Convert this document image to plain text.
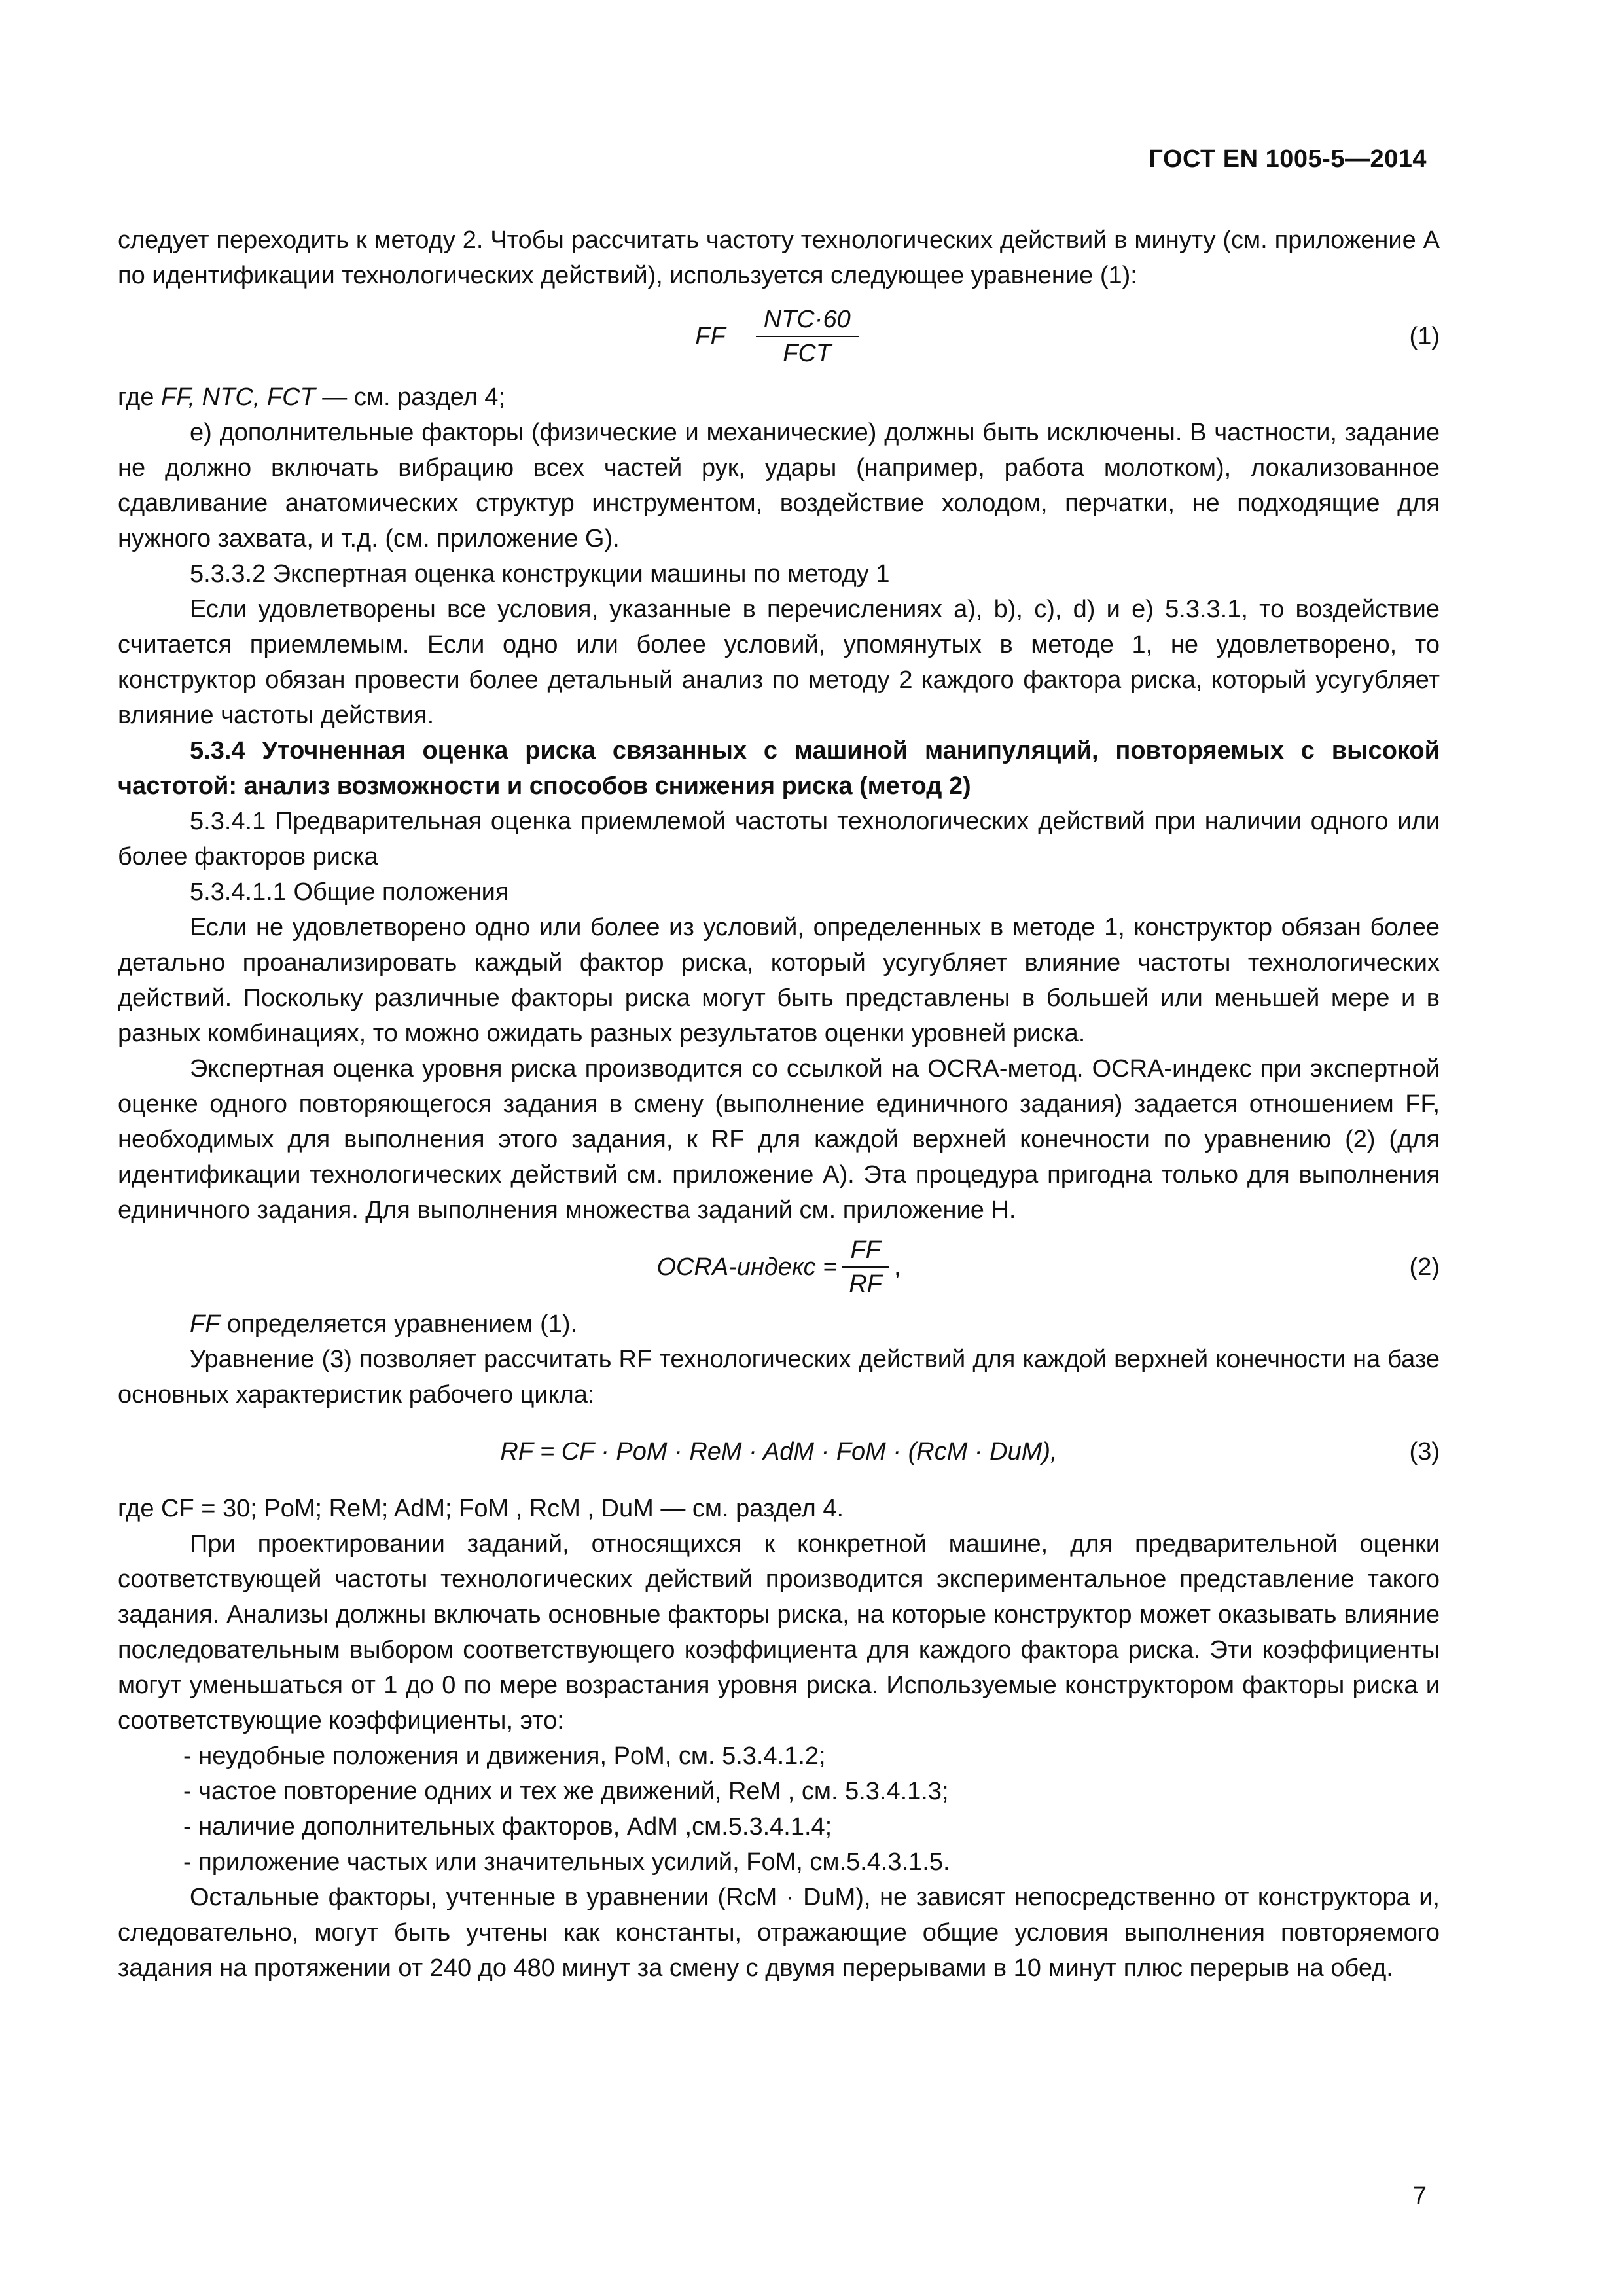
ГОСТ EN 1005-5—2014

следует переходить к методу 2. Чтобы рассчитать частоту технологических действий в минуту (см. приложение А по идентификации технологических действий), используется следующее уравнение (1):

FF $\frac{\text{NTC·60}}{\text{FCT}}$	(1)

где FF, NTC, FCT — см. раздел 4;

е) дополнительные факторы (физические и механические) должны быть исключены. В частности, задание не должно включать вибрацию всех частей рук, удары (например, работа молотком), локализованное сдавливание анатомических структур инструментом, воздействие холодом, перчатки, не подходящие для нужного захвата, и т.д. (см. приложение G).

5.3.3.2 Экспертная оценка конструкции машины по методу 1

Если удовлетворены все условия, указанные в перечислениях а), b), c), d) и е) 5.3.3.1, то воздействие считается приемлемым. Если одно или более условий, упомянутых в методе 1, не удовлетворено, то конструктор обязан провести более детальный анализ по методу 2 каждого фактора риска, который усугубляет влияние частоты действия.

5.3.4 Уточненная оценка риска связанных с машиной манипуляций, повторяемых с высокой частотой: анализ возможности и способов снижения риска (метод 2)

5.3.4.1 Предварительная оценка приемлемой частоты технологических действий при наличии одного или более факторов риска

5.3.4.1.1 Общие положения

Если не удовлетворено одно или более из условий, определенных в методе 1, конструктор обязан более детально проанализировать каждый фактор риска, который усугубляет влияние частоты технологических действий. Поскольку различные факторы риска могут быть представлены в большей или меньшей мере и в разных комбинациях, то можно ожидать разных результатов оценки уровней риска.

Экспертная оценка уровня риска производится со ссылкой на OCRA-метод. OCRA-индекс при экспертной оценке одного повторяющегося задания в смену (выполнение единичного задания) задается отношением FF, необходимых для выполнения этого задания, к RF для каждой верхней конечности по уравнению (2) (для идентификации технологических действий см. приложение А). Эта процедура пригодна только для выполнения единичного задания. Для выполнения множества заданий см. приложение Н.

OCRA-индекс = $\frac{FF}{RF}$ ,	(2)

FF определяется уравнением (1).

Уравнение (3) позволяет рассчитать RF технологических действий для каждой верхней конечности на базе основных характеристик рабочего цикла:

RF = CF · PoM · ReM · AdM · FoM · (RcM · DuM),	(3)

где CF = 30; PoM; ReM; AdM; FoM , RcM , DuM — см. раздел 4.

При проектировании заданий, относящихся к конкретной машине, для предварительной оценки соответствующей частоты технологических действий производится экспериментальное представление такого задания. Анализы должны включать основные факторы риска, на которые конструктор может оказывать влияние последовательным выбором соответствующего коэффициента для каждого фактора риска. Эти коэффициенты могут уменьшаться от 1 до 0 по мере возрастания уровня риска. Используемые конструктором факторы риска и соответствующие коэффициенты, это:

- неудобные положения и движения, PoM, см. 5.3.4.1.2;

- частое повторение одних и тех же движений, ReM , см. 5.3.4.1.3;

- наличие дополнительных факторов, AdM ,см.5.3.4.1.4;

- приложение частых или значительных усилий, FoM, см.5.4.3.1.5.

Остальные факторы, учтенные в уравнении (RcM · DuM), не зависят непосредственно от конструктора и, следовательно, могут быть учтены как константы, отражающие общие условия выполнения повторяемого задания на протяжении от 240 до 480 минут за смену с двумя перерывами в 10 минут плюс перерыв на обед.

7
